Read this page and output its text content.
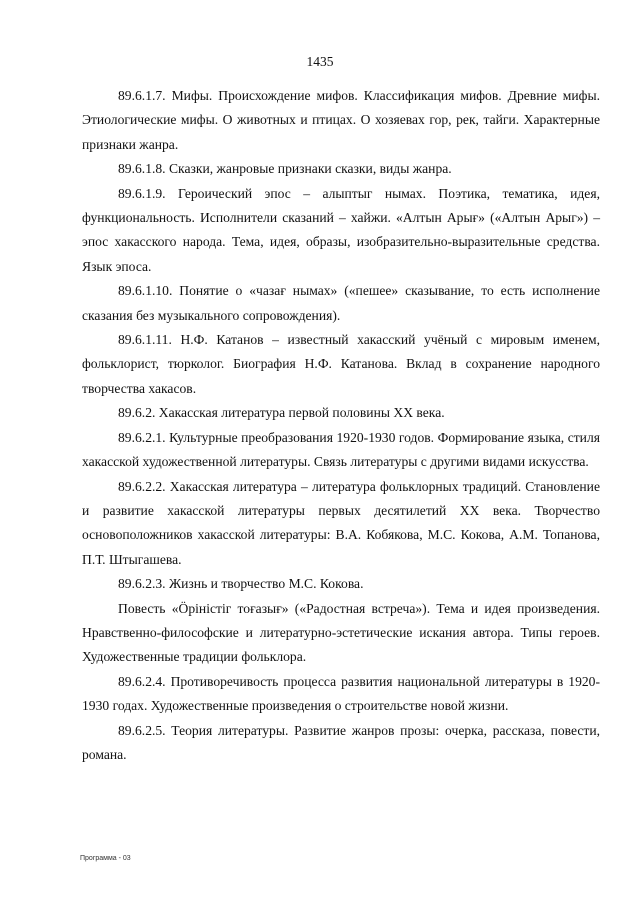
1435

89.6.1.7. Мифы. Происхождение мифов. Классификация мифов. Древние мифы. Этиологические мифы. О животных и птицах. О хозяевах гор, рек, тайги. Характерные признаки жанра.

89.6.1.8. Сказки, жанровые признаки сказки, виды жанра.

89.6.1.9. Героический эпос – алыптыг нымах. Поэтика, тематика, идея, функциональность. Исполнители сказаний – хайжи. «Алтын Арығ» («Алтын Арыг») – эпос хакасского народа. Тема, идея, образы, изобразительно-выразительные средства. Язык эпоса.

89.6.1.10. Понятие о «чазағ нымах» («пешее» сказывание, то есть исполнение сказания без музыкального сопровождения).

89.6.1.11. Н.Ф. Катанов – известный хакасский учёный с мировым именем, фольклорист, тюрколог. Биография Н.Ф. Катанова. Вклад в сохранение народного творчества хакасов.

89.6.2. Хакасская литература первой половины XX века.

89.6.2.1. Культурные преобразования 1920-1930 годов. Формирование языка, стиля хакасской художественной литературы. Связь литературы с другими видами искусства.

89.6.2.2. Хакасская литература – литература фольклорных традиций. Становление и развитие хакасской литературы первых десятилетий XX века. Творчество основоположников хакасской литературы: В.А. Кобякова, М.С. Кокова, А.М. Топанова, П.Т. Штыгашева.

89.6.2.3. Жизнь и творчество М.С. Кокова.

Повесть «Öрiнiстiг тоғазығ» («Радостная встреча»). Тема и идея произведения. Нравственно-философские и литературно-эстетические искания автора. Типы героев. Художественные традиции фольклора.

89.6.2.4. Противоречивость процесса развития национальной литературы в 1920-1930 годах. Художественные произведения о строительстве новой жизни.

89.6.2.5. Теория литературы. Развитие жанров прозы: очерка, рассказа, повести, романа.

Программа - 03
